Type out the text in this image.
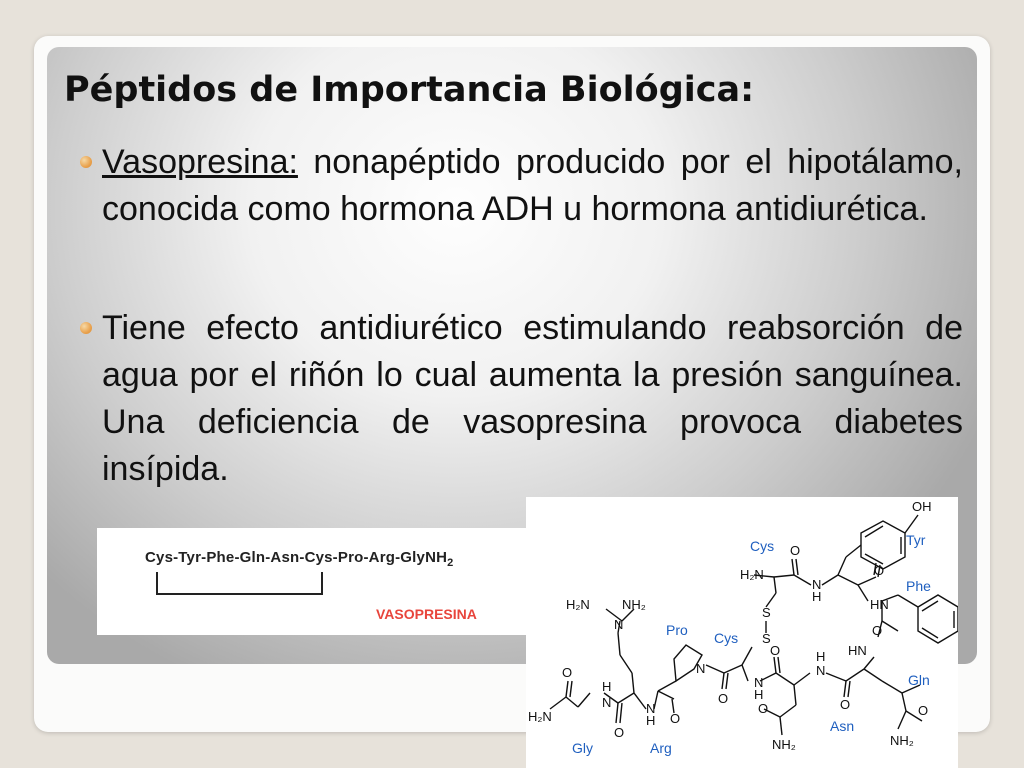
Péptidos de Importancia Biológica:

Vasopresina: nonapéptido producido por el hipotálamo, conocida como hormona ADH u hormona antidiurética.

Tiene efecto antidiurético estimulando reabsorción de agua por el riñón lo cual aumenta la presión sanguínea. Una deficiencia de vasopresina provoca diabetes insípida.

Cys-Tyr-Phe-Gln-Asn-Cys-Pro-Arg-GlyNH$_2$
VASOPRESINA
OH
Tyr
Cys O
H₂N
N
H
O
Phe
HN
S
S
H₂N NH₂
N	Pro Cys	O
HN
O	H
N
N
N
H
Gln
O
H
O	O
N	N
H O
O
Asn
O
H₂N
O
Gly	Arg	NH₂	NH₂
